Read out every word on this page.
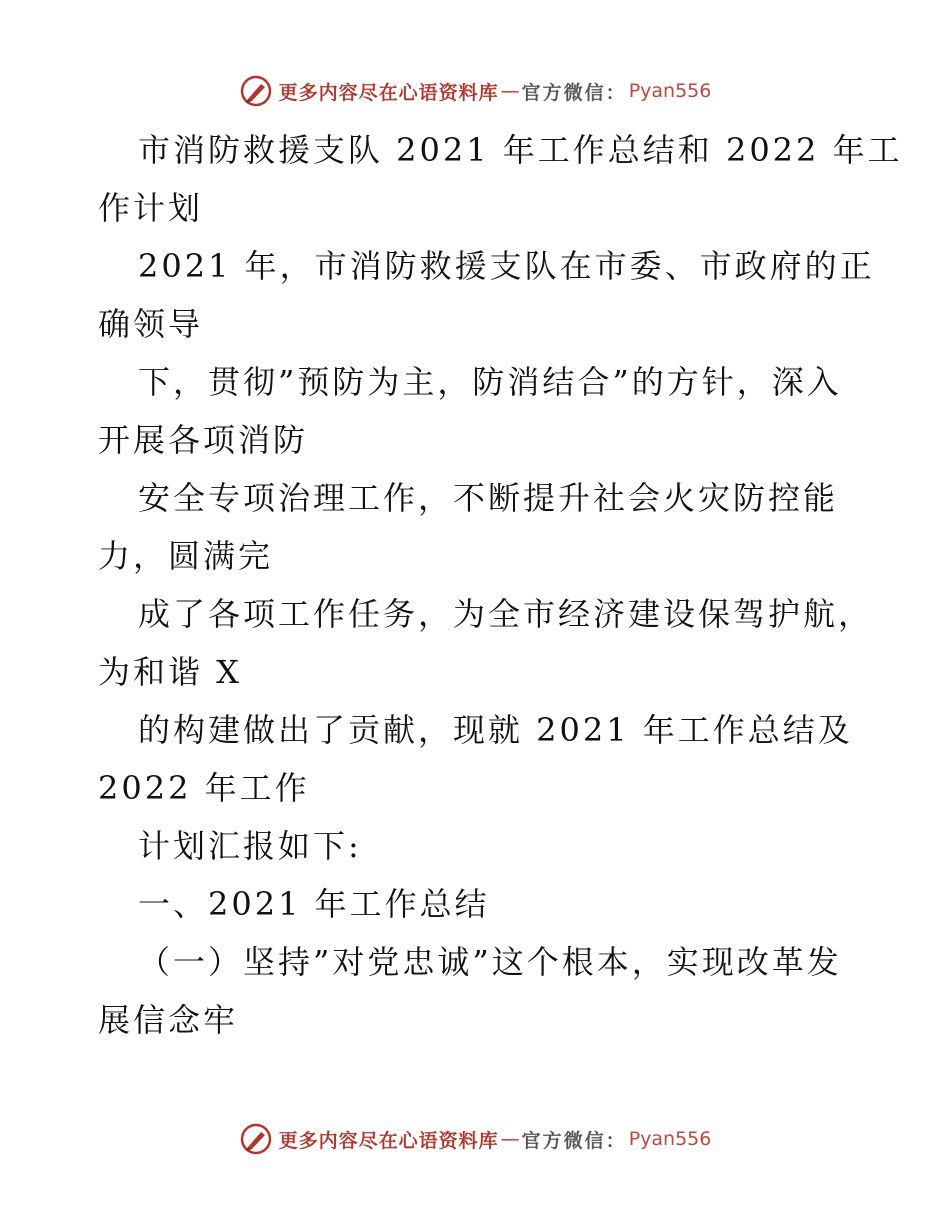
更多内容尽在心语资料库 — 官方微信： Pyan556
市消防救援支队 2021 年工作总结和 2022 年工
作计划
2021 年，市消防救援支队在市委、市政府的正
确领导
下，贯彻”预防为主，防消结合”的方针，深入
开展各项消防
安全专项治理工作，不断提升社会火灾防控能
力，圆满完
成了各项工作任务，为全市经济建设保驾护航，
为和谐 X
的构建做出了贡献，现就 2021 年工作总结及
2022 年工作
计划汇报如下:
一、2021 年工作总结
（一）坚持”对党忠诚”这个根本，实现改革发
展信念牢
更多内容尽在心语资料库 — 官方微信： Pyan556
